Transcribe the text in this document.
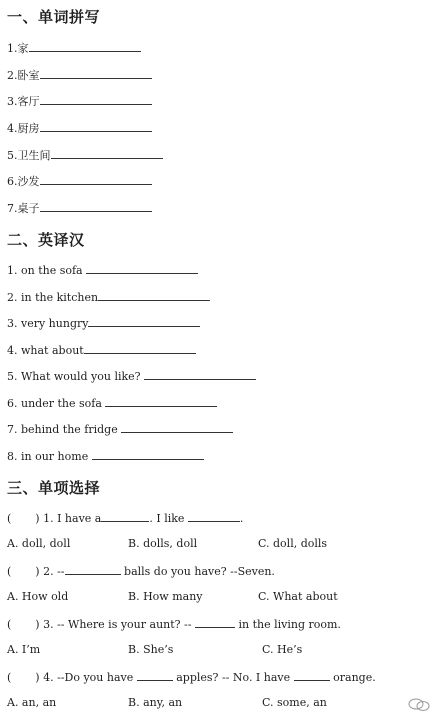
一、单词拼写
1.家
2.卧室
3.客厅
4.厨房
5.卫生间
6.沙发
7.桌子
二、英译汉
1. on the sofa
2. in the kitchen
3. very hungry
4. what about
5. What would you like?
6. under the sofa
7. behind the fridge
8. in our home
三、单项选择
( ) 1. I have a	. I like	.
A. doll, doll	B. dolls, doll	C. doll, dolls
( ) 2. --	balls do you have? --Seven.
A. How old	B. How many	C. What about
( ) 3. -- Where is your aunt? --	in the living room.
A. I’m	B. She’s	C. He’s
( ) 4. --Do you have	apples? -- No. I have	orange.
A. an, an	B. any, an	C. some, an
